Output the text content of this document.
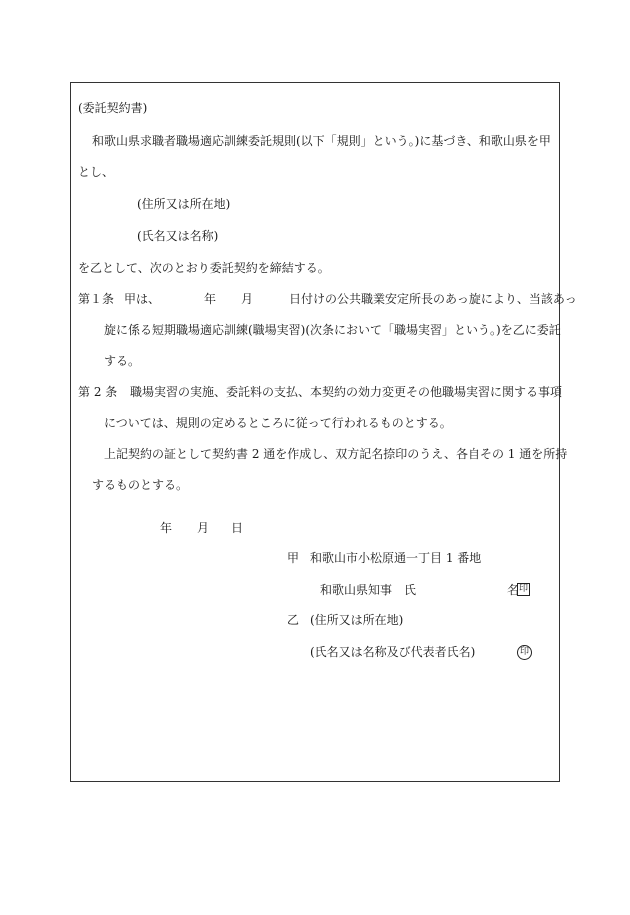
(委託契約書)
和歌山県求職者職場適応訓練委託規則(以下「規則」という。)に基づき、和歌山県を甲
とし、
(住所又は所在地)
(氏名又は名称)
を乙として、次のとおり委託契約を締結する。
第１条 甲は、	年 月	日付けの公共職業安定所長のあっ旋により、当該あっ
旋に係る短期職場適応訓練(職場実習)(次条において「職場実習」という。)を乙に委託
する。
第 2 条 職場実習の実施、委託料の支払、本契約の効力変更その他職場実習に関する事項
については、規則の定めるところに従って行われるものとする。
上記契約の証として契約書 2 通を作成し、双方記名捺印のうえ、各自その 1 通を所持
するものとする。
年 月 日
甲 和歌山市小松原通一丁目 1 番地
和歌山県知事　氏	名 印
乙 (住所又は所在地)
(氏名又は名称及び代表者氏名)	印
